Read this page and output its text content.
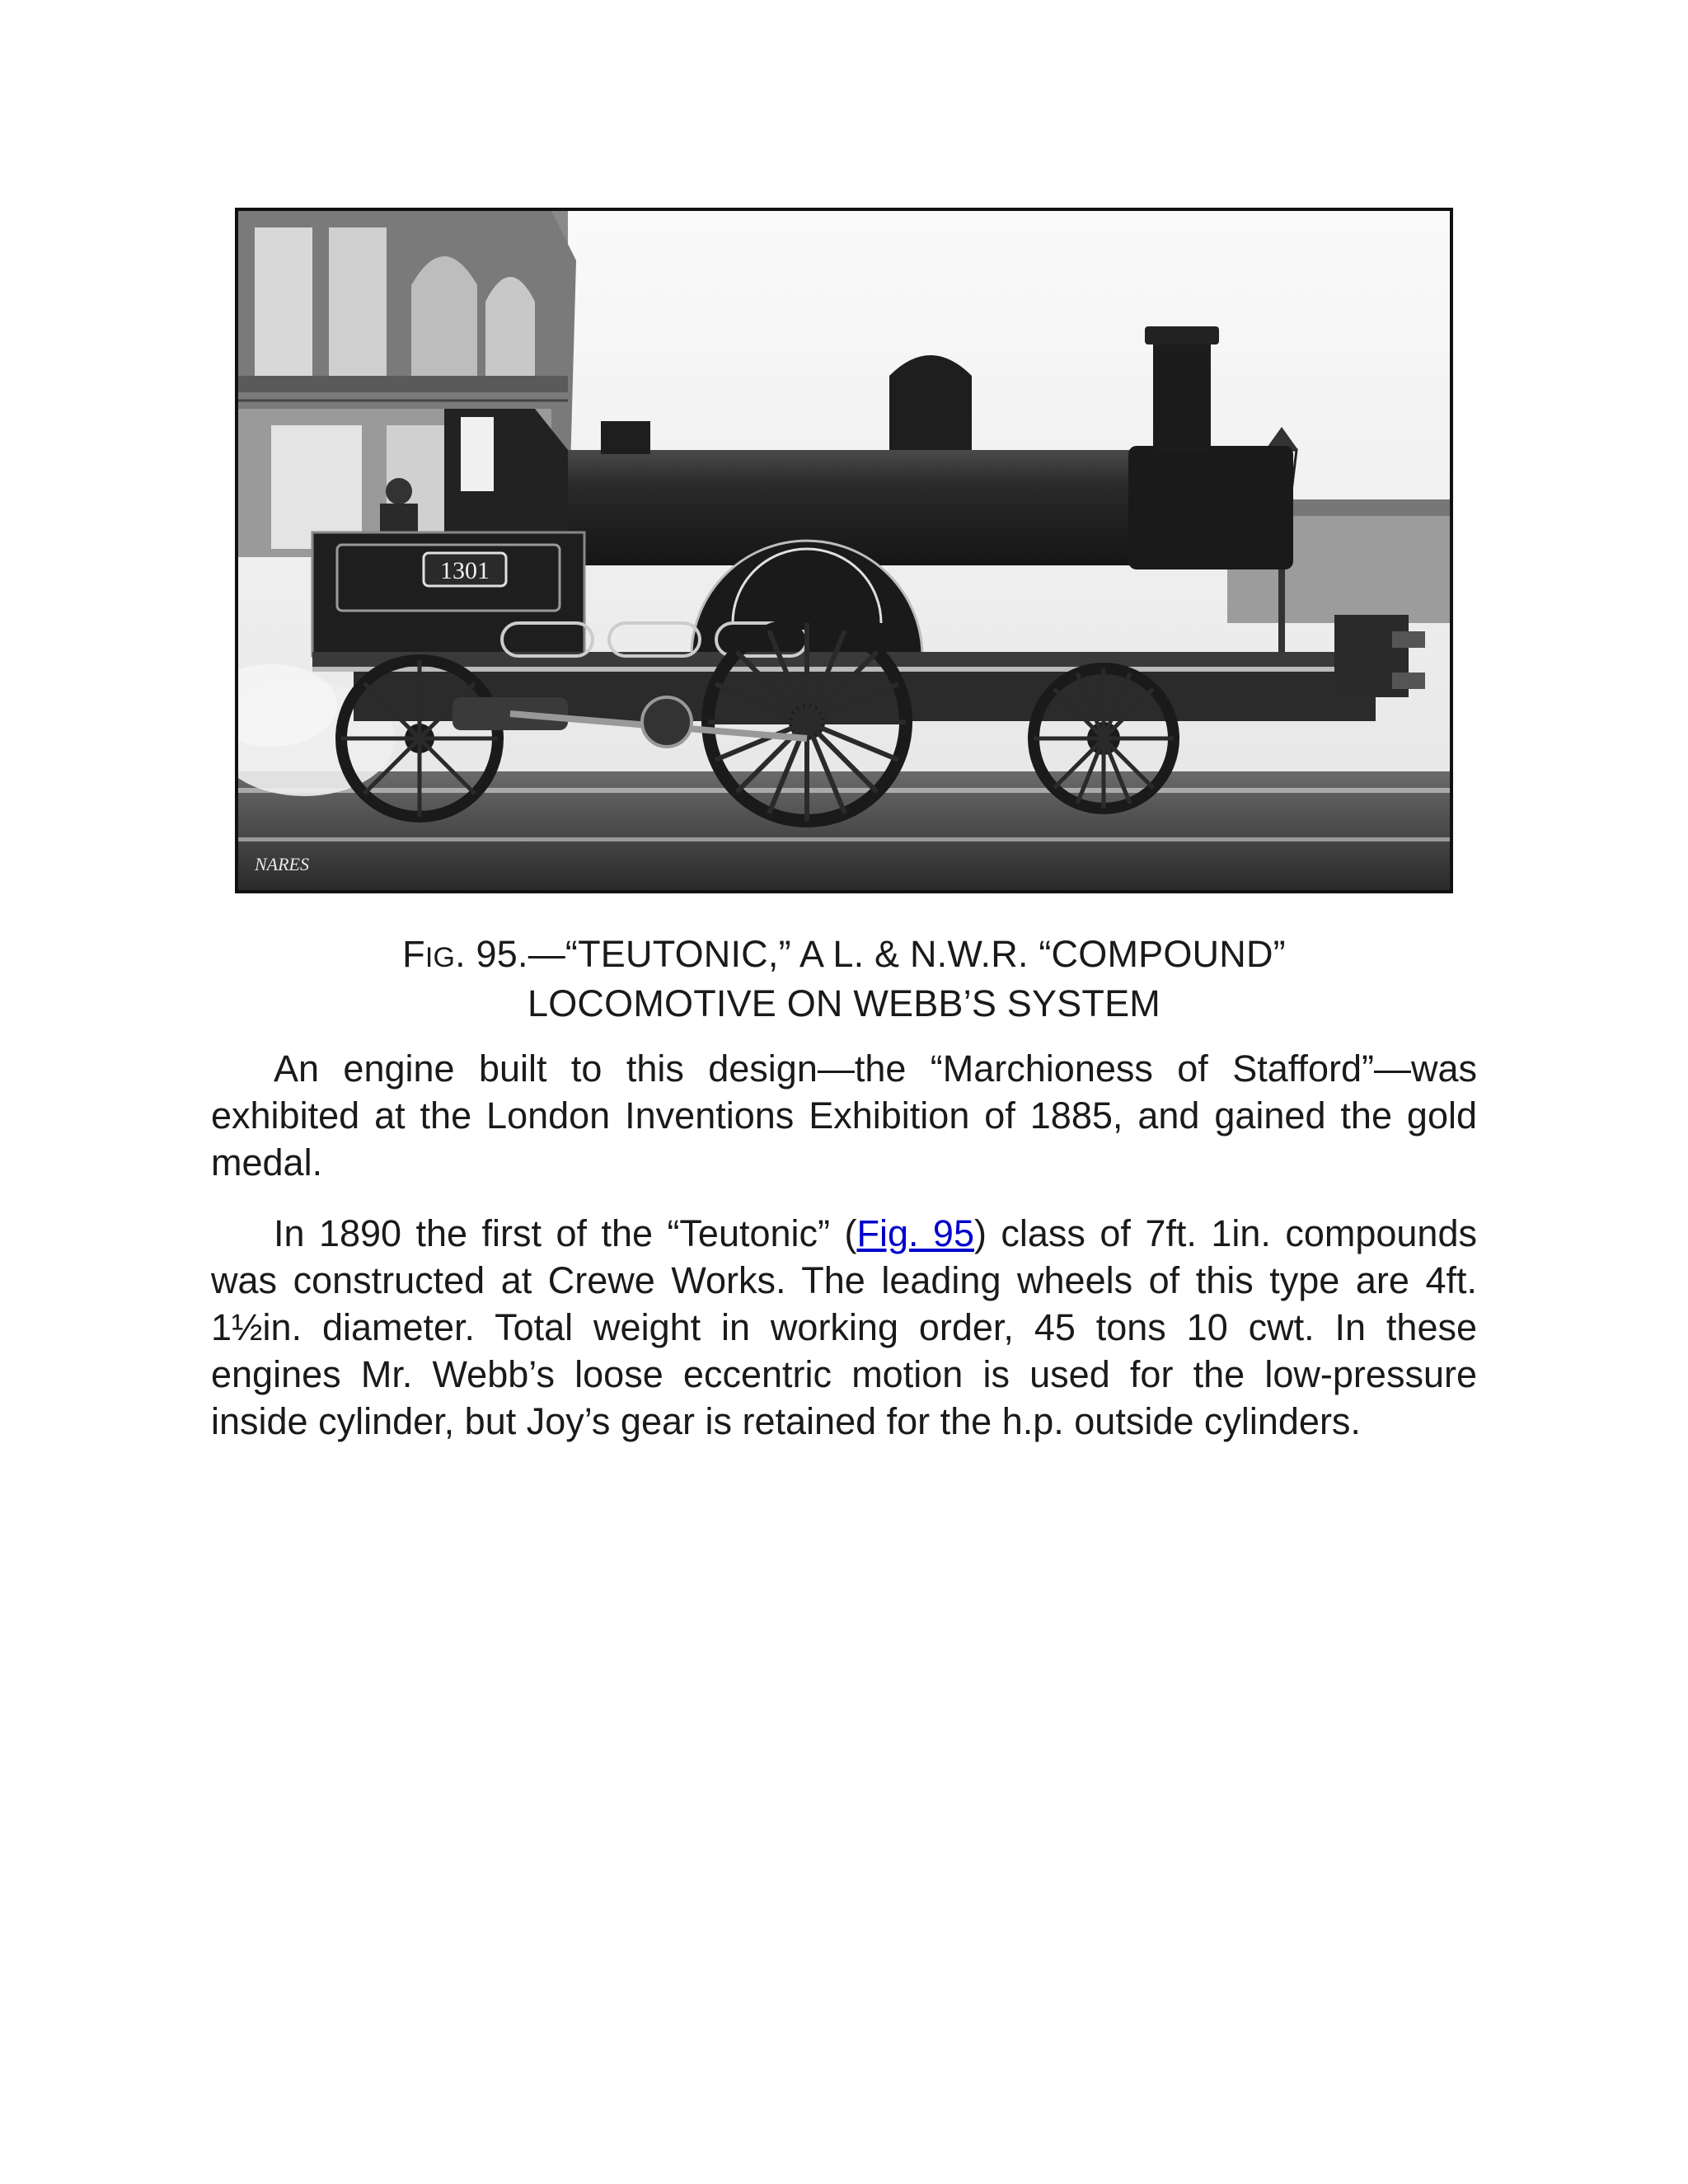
1301
NARES
FIG. 95.—“TEUTONIC,” A L. & N.W.R. “COMPOUND”
LOCOMOTIVE ON WEBB’S SYSTEM

An engine built to this design—the “Marchioness of Stafford”—was exhibited at the London Inventions Exhibition of 1885, and gained the gold medal.

In 1890 the first of the “Teutonic” (Fig. 95) class of 7ft. 1in. compounds was constructed at Crewe Works. The leading wheels of this type are 4ft. 1½in. diameter. Total weight in working order, 45 tons 10 cwt. In these engines Mr. Webb’s loose eccentric motion is used for the low-pressure inside cylinder, but Joy’s gear is retained for the h.p. outside cylinders.
